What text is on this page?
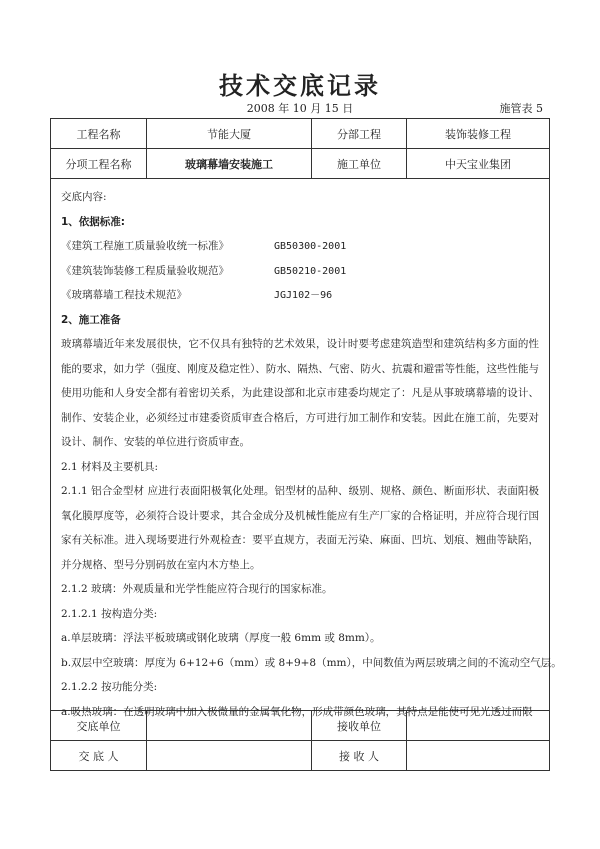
技术交底记录
2008 年 10 月 15 日	施管表 5
工程名称	节能大厦	分部工程	装饰装修工程
分项工程名称	玻璃幕墙安装施工	施工单位	中天宝业集团
交底内容:
1、依据标准:
《建筑工程施工质量验收统一标准》	GB50300-2001
《建筑装饰装修工程质量验收规范》	GB50210-2001
《玻璃幕墙工程技术规范》	JGJ102－96
2、施工准备
玻璃幕墙近年来发展很快，它不仅具有独特的艺术效果，设计时要考虑建筑造型和建筑结构多方面的性能的要求，如力学（强度、刚度及稳定性）、防水、隔热、气密、防火、抗震和避雷等性能，这些性能与使用功能和人身安全都有着密切关系，为此建设部和北京市建委均规定了：凡是从事玻璃幕墙的设计、制作、安装企业，必须经过市建委资质审查合格后，方可进行加工制作和安装。因此在施工前，先要对设计、制作、安装的单位进行资质审查。
2.1 材料及主要机具:
2.1.1 铝合金型材 应进行表面阳极氧化处理。铝型材的品种、级别、规格、颜色、断面形状、表面阳极氧化膜厚度等，必须符合设计要求，其合金成分及机械性能应有生产厂家的合格证明，并应符合现行国家有关标准。进入现场要进行外观检查：要平直规方，表面无污染、麻面、凹坑、划痕、翘曲等缺陷，并分规格、型号分别码放在室内木方垫上。
2.1.2 玻璃：外观质量和光学性能应符合现行的国家标准。
2.1.2.1 按构造分类:
a.单层玻璃：浮法平板玻璃或钢化玻璃（厚度一般 6mm 或 8mm）。
b.双层中空玻璃：厚度为 6+12+6（mm）或 8+9+8（mm），中间数值为两层玻璃之间的不流动空气层。
2.1.2.2 按功能分类:
a.吸热玻璃：在透明玻璃中加入极微量的金属氧化物，形成带颜色玻璃，其特点是能使可见光透过而限
交底单位	接收单位
交 底 人	接 收 人
